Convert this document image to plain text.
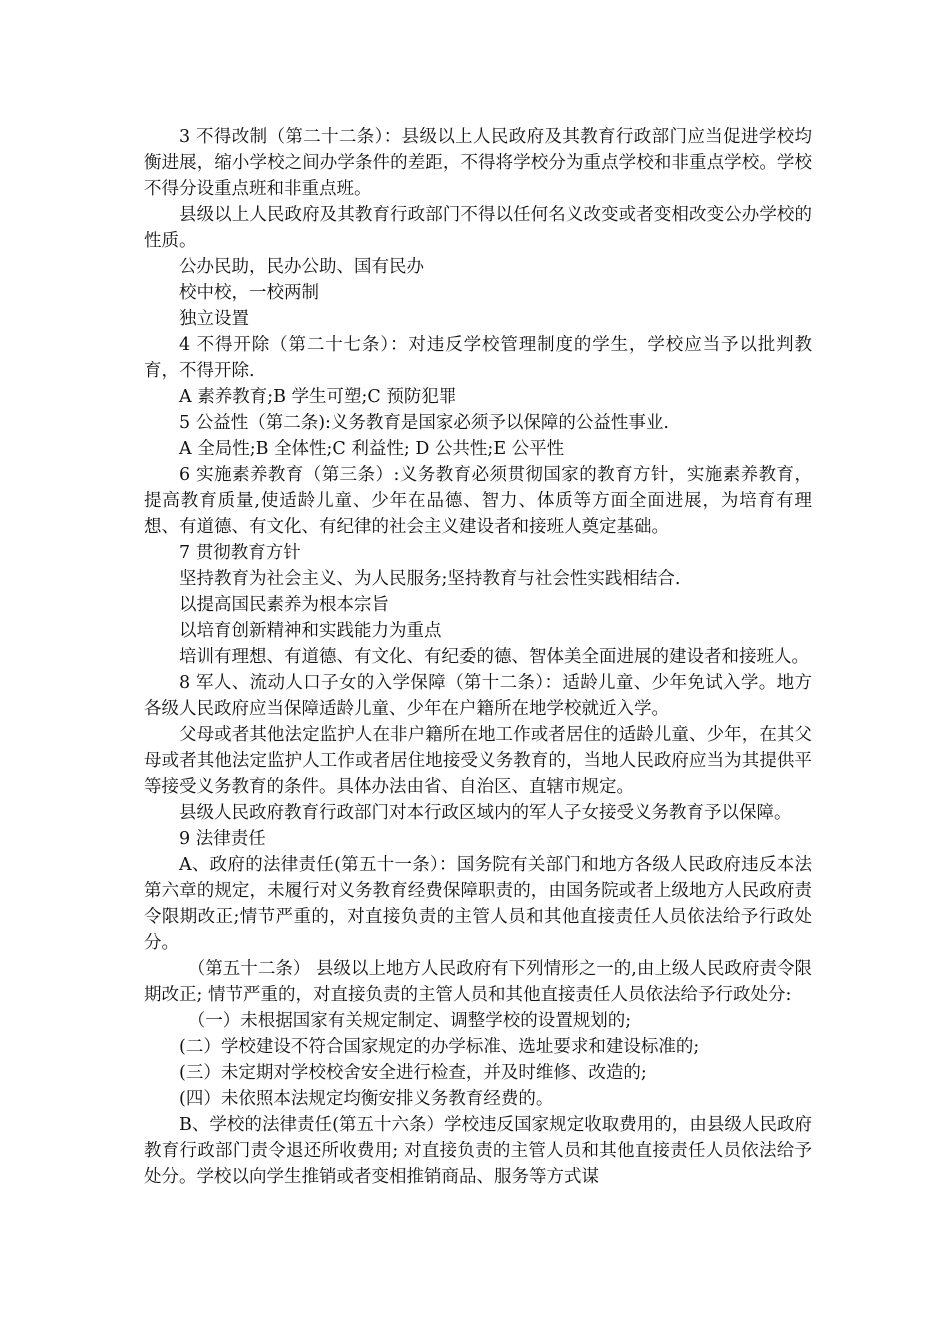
3 不得改制（第二十二条）：县级以上人民政府及其教育行政部门应当促进学校均衡进展，缩小学校之间办学条件的差距，不得将学校分为重点学校和非重点学校。学校不得分设重点班和非重点班。

县级以上人民政府及其教育行政部门不得以任何名义改变或者变相改变公办学校的性质。

公办民助，民办公助、国有民办

校中校，一校两制

独立设置

4 不得开除（第二十七条）：对违反学校管理制度的学生，学校应当予以批判教育，不得开除.

A 素养教育;B 学生可塑;C 预防犯罪

5 公益性（第二条):义务教育是国家必须予以保障的公益性事业.

A 全局性;B 全体性;C 利益性; D 公共性;E 公平性

6 实施素养教育（第三条）:义务教育必须贯彻国家的教育方针，实施素养教育，提高教育质量,使适龄儿童、少年在品德、智力、体质等方面全面进展，为培育有理想、有道德、有文化、有纪律的社会主义建设者和接班人奠定基础。

7 贯彻教育方针

坚持教育为社会主义、为人民服务;坚持教育与社会性实践相结合.

以提高国民素养为根本宗旨

以培育创新精神和实践能力为重点

培训有理想、有道德、有文化、有纪委的德、智体美全面进展的建设者和接班人。

8 军人、流动人口子女的入学保障（第十二条）：适龄儿童、少年免试入学。地方各级人民政府应当保障适龄儿童、少年在户籍所在地学校就近入学。

父母或者其他法定监护人在非户籍所在地工作或者居住的适龄儿童、少年，在其父母或者其他法定监护人工作或者居住地接受义务教育的，当地人民政府应当为其提供平等接受义务教育的条件。具体办法由省、自治区、直辖市规定。

县级人民政府教育行政部门对本行政区域内的军人子女接受义务教育予以保障。

9 法律责任

A、政府的法律责任(第五十一条）：国务院有关部门和地方各级人民政府违反本法第六章的规定，未履行对义务教育经费保障职责的，由国务院或者上级地方人民政府责令限期改正;情节严重的，对直接负责的主管人员和其他直接责任人员依法给予行政处分。

（第五十二条） 县级以上地方人民政府有下列情形之一的,由上级人民政府责令限期改正; 情节严重的，对直接负责的主管人员和其他直接责任人员依法给予行政处分:

（一）未根据国家有关规定制定、调整学校的设置规划的;

(二）学校建设不符合国家规定的办学标准、选址要求和建设标准的;

(三）未定期对学校校舍安全进行检查，并及时维修、改造的;

(四）未依照本法规定均衡安排义务教育经费的。

B、学校的法律责任(第五十六条）学校违反国家规定收取费用的，由县级人民政府教育行政部门责令退还所收费用; 对直接负责的主管人员和其他直接责任人员依法给予处分。学校以向学生推销或者变相推销商品、服务等方式谋
